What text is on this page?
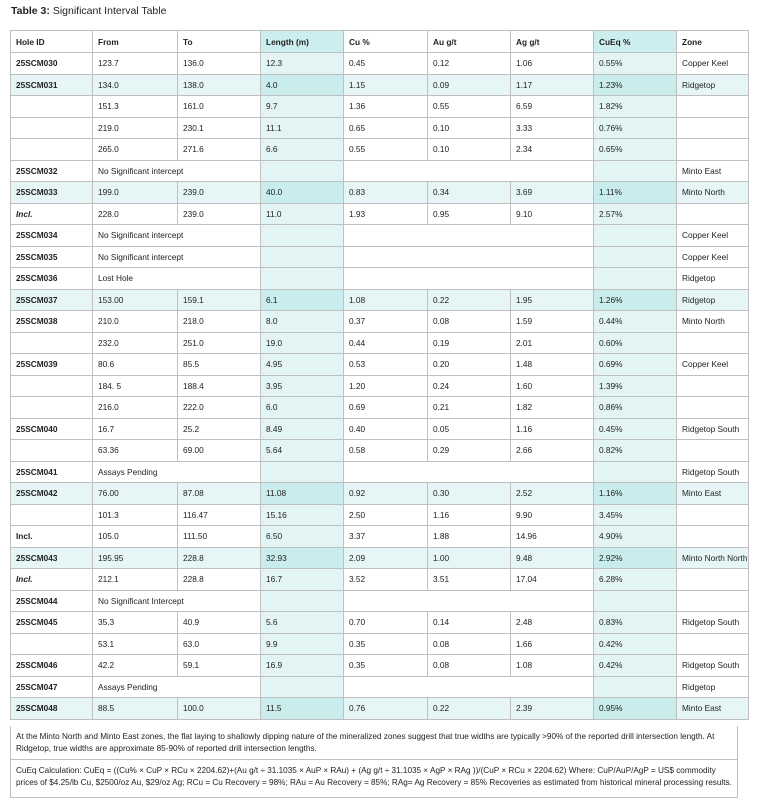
Table 3: Significant Interval Table
Hole ID	From	To	Length (m)	Cu %	Au g/t	Ag g/t	CuEq %	Zone
25SCM030	123.7	136.0	12.3	0.45	0.12	1.06	0.55%	Copper Keel
25SCM031	134.0	138.0	4.0	1.15	0.09	1.17	1.23%	Ridgetop
	151.3	161.0	9.7	1.36	0.55	6.59	1.82%	
	219.0	230.1	11.1	0.65	0.10	3.33	0.76%	
	265.0	271.6	6.6	0.55	0.10	2.34	0.65%	
25SCM032	No Significant intercept							Minto East
25SCM033	199.0	239.0	40.0	0.83	0.34	3.69	1.11%	Minto North
Incl.	228.0	239.0	11.0	1.93	0.95	9.10	2.57%	
25SCM034	No Significant intercept							Copper Keel
25SCM035	No Significant intercept							Copper Keel
25SCM036	Lost Hole							Ridgetop
25SCM037	153.00	159.1	6.1	1.08	0.22	1.95	1.26%	Ridgetop
25SCM038	210.0	218.0	8.0	0.37	0.08	1.59	0.44%	Minto North
	232.0	251.0	19.0	0.44	0.19	2.01	0.60%	
25SCM039	80.6	85.5	4.95	0.53	0.20	1.48	0.69%	Copper Keel
	184. 5	188.4	3.95	1.20	0.24	1.60	1.39%	
	216.0	222.0	6.0	0.69	0.21	1.82	0.86%	
25SCM040	16.7	25.2	8.49	0.40	0.05	1.16	0.45%	Ridgetop South
	63.36	69.00	5.64	0.58	0.29	2.66	0.82%	
25SCM041	Assays Pending							Ridgetop South
25SCM042	76.00	87.08	11.08	0.92	0.30	2.52	1.16%	Minto East
	101.3	116.47	15.16	2.50	1.16	9.90	3.45%	
Incl.	105.0	111.50	6.50	3.37	1.88	14.96	4.90%	
25SCM043	195.95	228.8	32.93	2.09	1.00	9.48	2.92%	Minto North North
Incl.	212.1	228.8	16.7	3.52	3.51	17.04	6.28%	
25SCM044	No Significant Intercept							
25SCM045	35.3	40.9	5.6	0.70	0.14	2.48	0.83%	Ridgetop South
	53.1	63.0	9.9	0.35	0.08	1.66	0.42%	
25SCM046	42.2	59.1	16.9	0.35	0.08	1.08	0.42%	Ridgetop South
25SCM047	Assays Pending							Ridgetop
25SCM048	88.5	100.0	11.5	0.76	0.22	2.39	0.95%	Minto East
At the Minto North and Minto East zones, the flat laying to shallowly dipping nature of the mineralized zones suggest that true widths are typically >90% of the reported drill intersection length. At Ridgetop, true widths are approximate 85-90% of reported drill intersection lengths.
CuEq Calculation: CuEq = ((Cu% × CuP × RCu × 2204.62)+(Au g/t ÷ 31.1035 × AuP × RAu) + (Ag g/t ÷ 31.1035 × AgP × RAg ))/(CuP × RCu × 2204.62) Where: CuP/AuP/AgP = US$ commodity prices of $4.25/lb Cu, $2500/oz Au, $29/oz Ag; RCu = Cu Recovery = 98%; RAu = Au Recovery = 85%; RAg= Ag Recovery = 85% Recoveries as estimated from historical mineral processing results.
